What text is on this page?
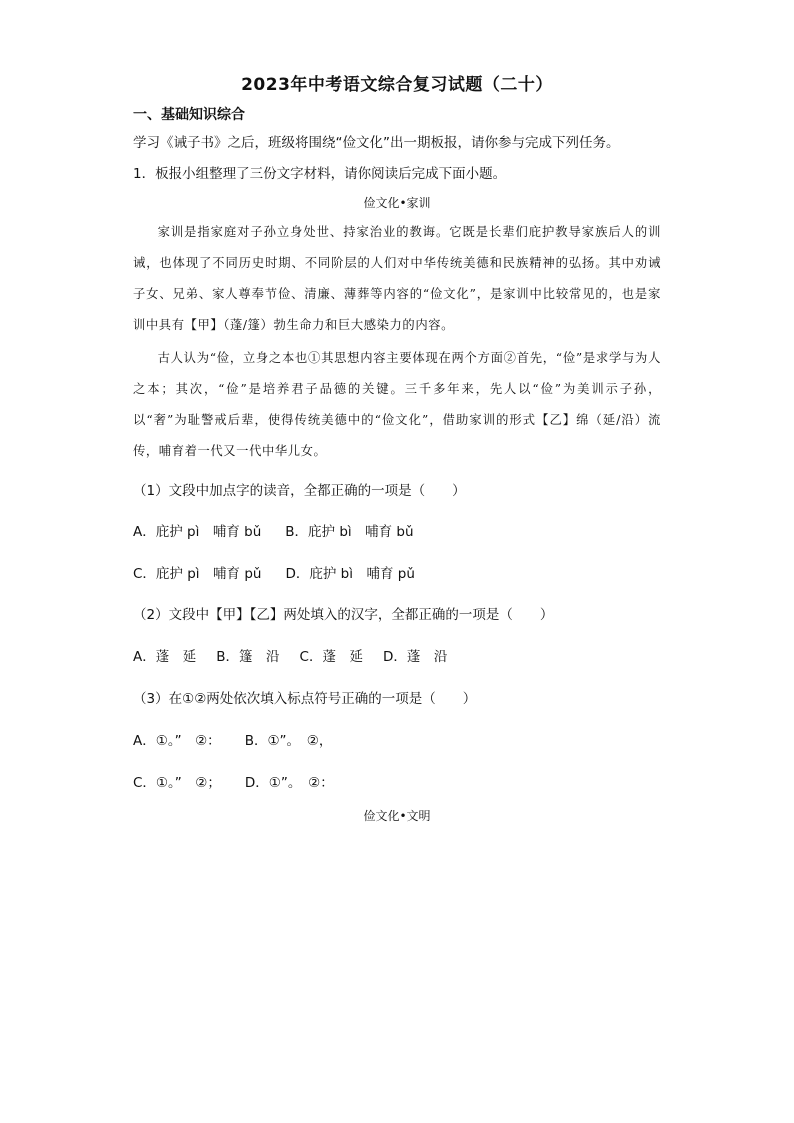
2023年中考语文综合复习试题（二十）
一、基础知识综合
学习《诫子书》之后，班级将围绕“俭文化”出一期板报，请你参与完成下列任务。
1．板报小组整理了三份文字材料，请你阅读后完成下面小题。
俭文化•家训
家训是指家庭对子孙立身处世、持家治业的教诲。它既是长辈们庇护教导家族后人的训诫，也体现了不同历史时期、不同阶层的人们对中华传统美德和民族精神的弘扬。其中劝诫子女、兄弟、家人尊奉节俭、清廉、薄葬等内容的“俭文化”，是家训中比较常见的，也是家训中具有【甲】（蓬/篷）勃生命力和巨大感染力的内容。
古人认为“俭，立身之本也①其思想内容主要体现在两个方面②首先，“俭”是求学与为人之本；其次，“俭”是培养君子品德的关键。三千多年来，先人以“俭”为美训示子孙，以“奢”为耻警戒后辈，使得传统美德中的“俭文化”，借助家训的形式【乙】绵（延/沿）流传，哺育着一代又一代中华儿女。
（1）文段中加点字的读音，全都正确的一项是（　　）
A．庇护 pì　哺育 bǔ B．庇护 bì　哺育 bǔ
C．庇护 pì　哺育 pǔ D．庇护 bì　哺育 pǔ
（2）文段中【甲】【乙】两处填入的汉字，全都正确的一项是（　　）
A．蓬　延 B．篷　沿 C．蓬　延 D．蓬　沿
（3）在①②两处依次填入标点符号正确的一项是（　　）
A．①。”　②： B．①”。　②，
C．①。”　②； D．①”。　②：
俭文化•文明
